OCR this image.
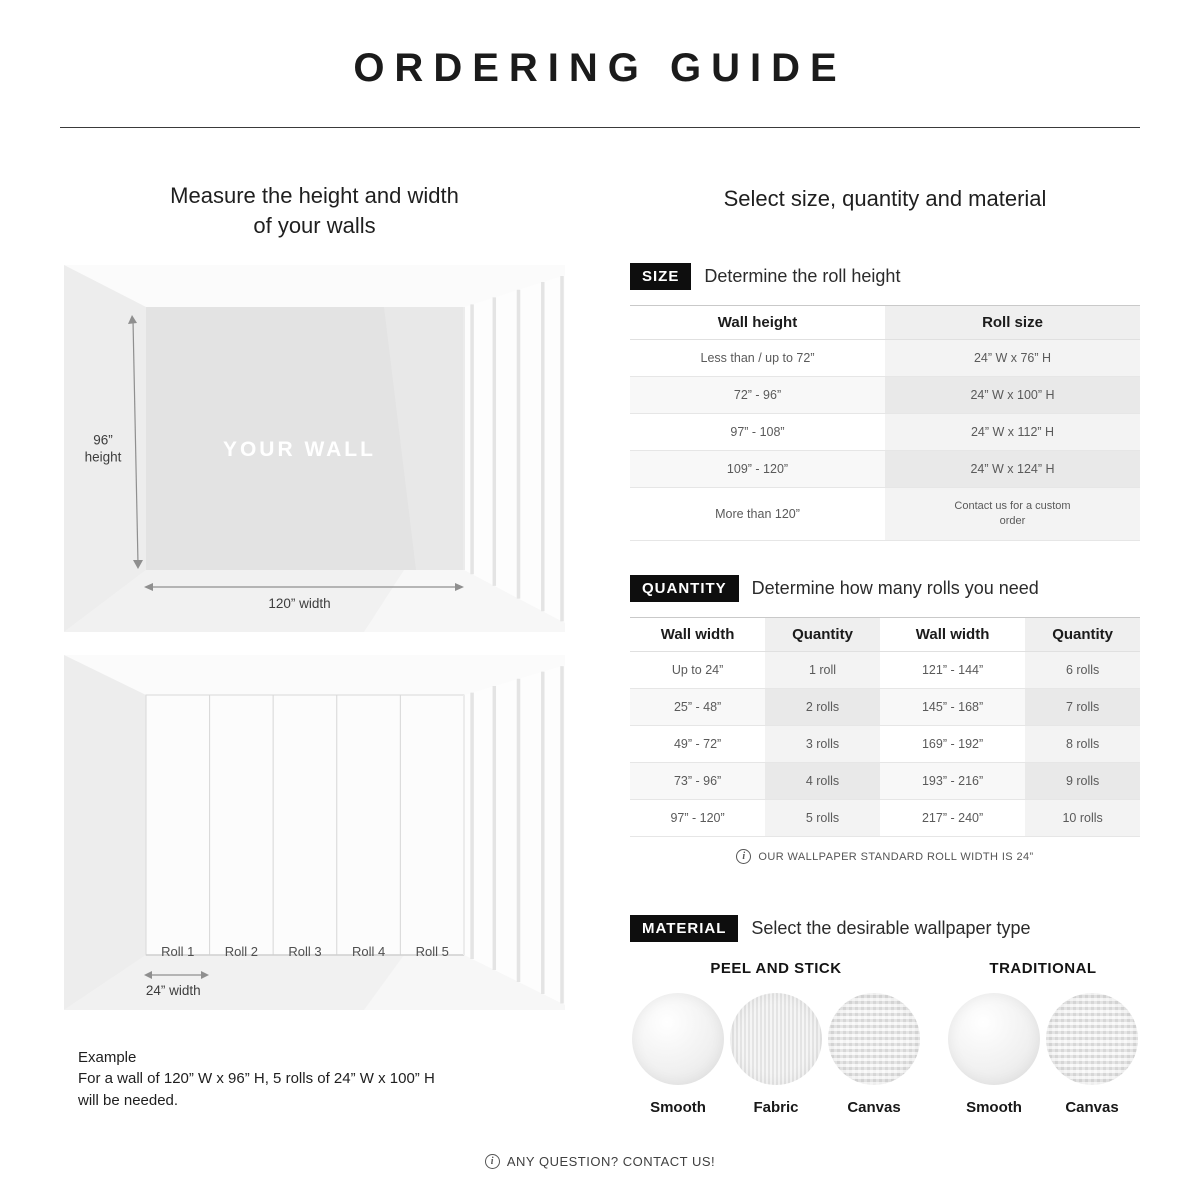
ORDERING GUIDE
Measure the height and width
of your walls
YOUR WALL
96”
height
120” width
Roll 1 Roll 2 Roll 3 Roll 4 Roll 5
24” width
Example
For a wall of 120” W x 96” H, 5 rolls of 24” W x 100” H
will be needed.
Select size, quantity and material
SIZE	Determine the roll height
Wall height	Roll size
Less than / up to 72”	24” W x 76” H
72” - 96”	24” W x 100” H
97” - 108”	24” W x 112” H
109” - 120”	24” W x 124” H
More than 120”	Contact us for a custom order
QUANTITY	Determine how many rolls you need
Wall width	Quantity	Wall width	Quantity
Up to 24”	1 roll	121” - 144”	6 rolls
25” - 48”	2 rolls	145” - 168”	7 rolls
49” - 72”	3 rolls	169” - 192”	8 rolls
73” - 96”	4 rolls	193” - 216”	9 rolls
97” - 120”	5 rolls	217” - 240”	10 rolls
i
OUR WALLPAPER STANDARD ROLL WIDTH IS 24”
MATERIAL	Select the desirable wallpaper type
PEEL AND STICK
Smooth	Fabric	Canvas
TRADITIONAL
Smooth	Canvas
i
ANY QUESTION? CONTACT US!
